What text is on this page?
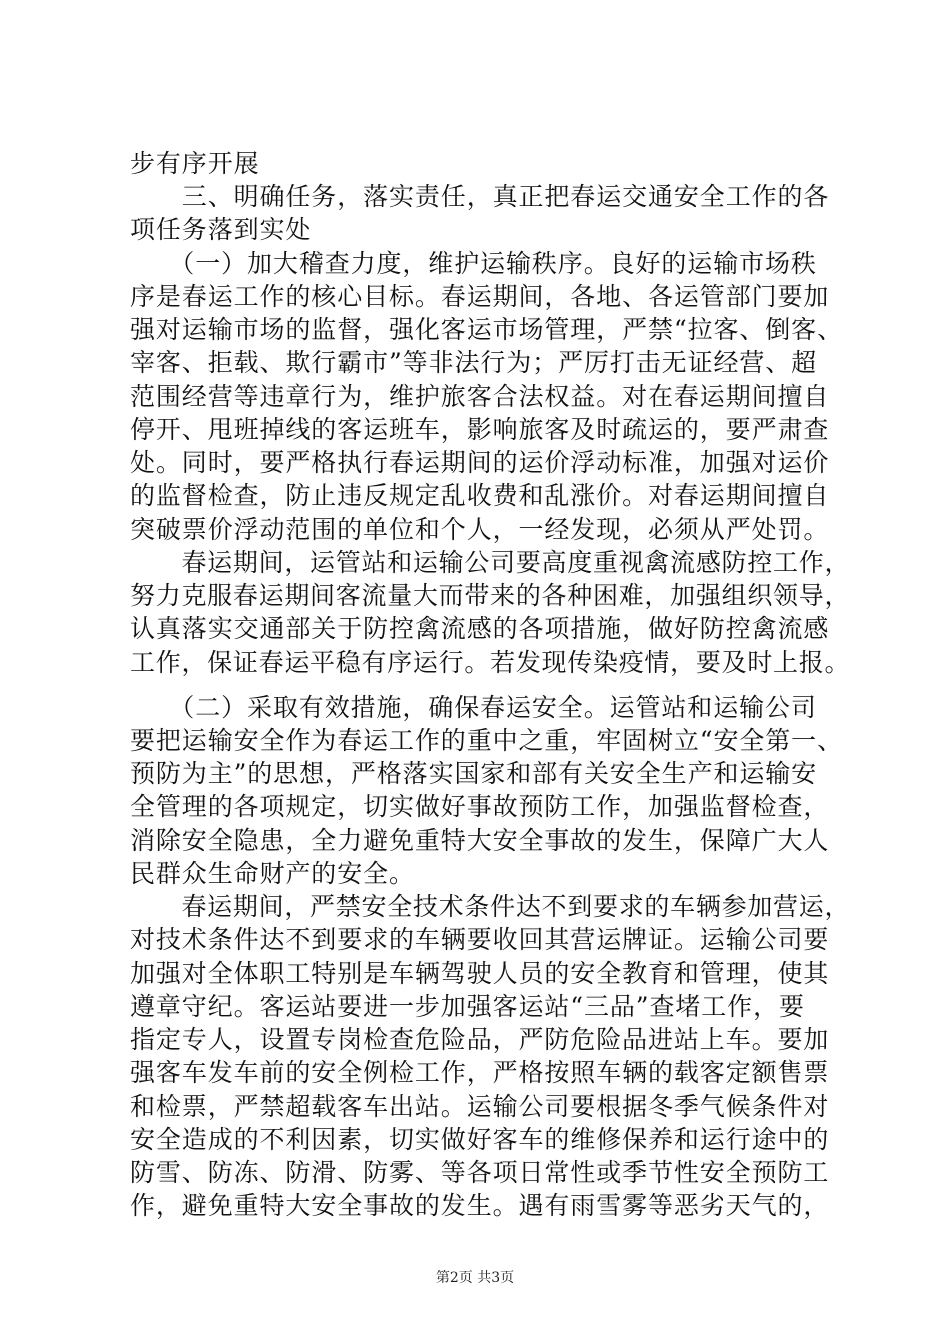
步有序开展
　　三、明确任务，落实责任，真正把春运交通安全工作的各
项任务落到实处
　　（一）加大稽查力度，维护运输秩序。良好的运输市场秩
序是春运工作的核心目标。春运期间，各地、各运管部门要加
强对运输市场的监督，强化客运市场管理，严禁“拉客、倒客、
宰客、拒载、欺行霸市”等非法行为；严厉打击无证经营、超
范围经营等违章行为，维护旅客合法权益。对在春运期间擅自
停开、甩班掉线的客运班车，影响旅客及时疏运的，要严肃查
处。同时，要严格执行春运期间的运价浮动标准，加强对运价
的监督检查，防止违反规定乱收费和乱涨价。对春运期间擅自
突破票价浮动范围的单位和个人，一经发现，必须从严处罚。
　　春运期间，运管站和运输公司要高度重视禽流感防控工作，
努力克服春运期间客流量大而带来的各种困难，加强组织领导，
认真落实交通部关于防控禽流感的各项措施，做好防控禽流感
工作，保证春运平稳有序运行。若发现传染疫情，要及时上报。
　　（二）采取有效措施，确保春运安全。运管站和运输公司
要把运输安全作为春运工作的重中之重，牢固树立“安全第一、
预防为主”的思想，严格落实国家和部有关安全生产和运输安
全管理的各项规定，切实做好事故预防工作，加强监督检查，
消除安全隐患，全力避免重特大安全事故的发生，保障广大人
民群众生命财产的安全。
　　春运期间，严禁安全技术条件达不到要求的车辆参加营运，
对技术条件达不到要求的车辆要收回其营运牌证。运输公司要
加强对全体职工特别是车辆驾驶人员的安全教育和管理，使其
遵章守纪。客运站要进一步加强客运站“三品”查堵工作，要
指定专人，设置专岗检查危险品，严防危险品进站上车。要加
强客车发车前的安全例检工作，严格按照车辆的载客定额售票
和检票，严禁超载客车出站。运输公司要根据冬季气候条件对
安全造成的不利因素，切实做好客车的维修保养和运行途中的
防雪、防冻、防滑、防雾、等各项日常性或季节性安全预防工
作，避免重特大安全事故的发生。遇有雨雪雾等恶劣天气的，
第2页 共3页
